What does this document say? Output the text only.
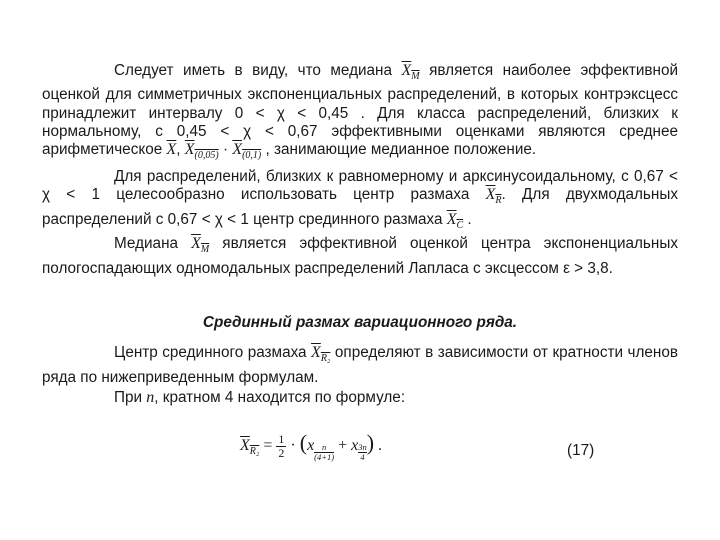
Следует иметь в виду, что медиана $X_M$ является наиболее эффективной оценкой для симметричных экспоненциальных распределений, в которых контрэксцесс принадлежит интервалу 0 < χ < 0,45 . Для класса распределений, близких к нормальному, с 0,45 < χ < 0,67 эффективными оценками являются среднее арифметическое $\overline{X}$, $X_{(0,05)} \cdot X_{(0,1)}$ , занимающие медианное положение.

Для распределений, близких к равномерному и арксинусоидальному, с 0,67 < χ < 1 целесообразно использовать центр размаха $X_R$. Для двухмодальных распределений с 0,67 < χ < 1 центр срединного размаха $X_C$ .

Медиана $X_M$ является эффективной оценкой центра экспоненциальных пологоспадающих одномодальных распределений Лапласа с эксцессом ε > 3,8.

Срединный размах вариационного ряда.

Центр срединного размаха $X_{R_2}$ определяют в зависимости от кратности членов ряда по нижеприведенным формулам.

При n, кратном 4 находится по формуле:

$X_{R_2} = \frac{1}{2} \cdot (x \frac{n}{(4+1)} + x \frac{3n}{4}$ ) .	(17)
